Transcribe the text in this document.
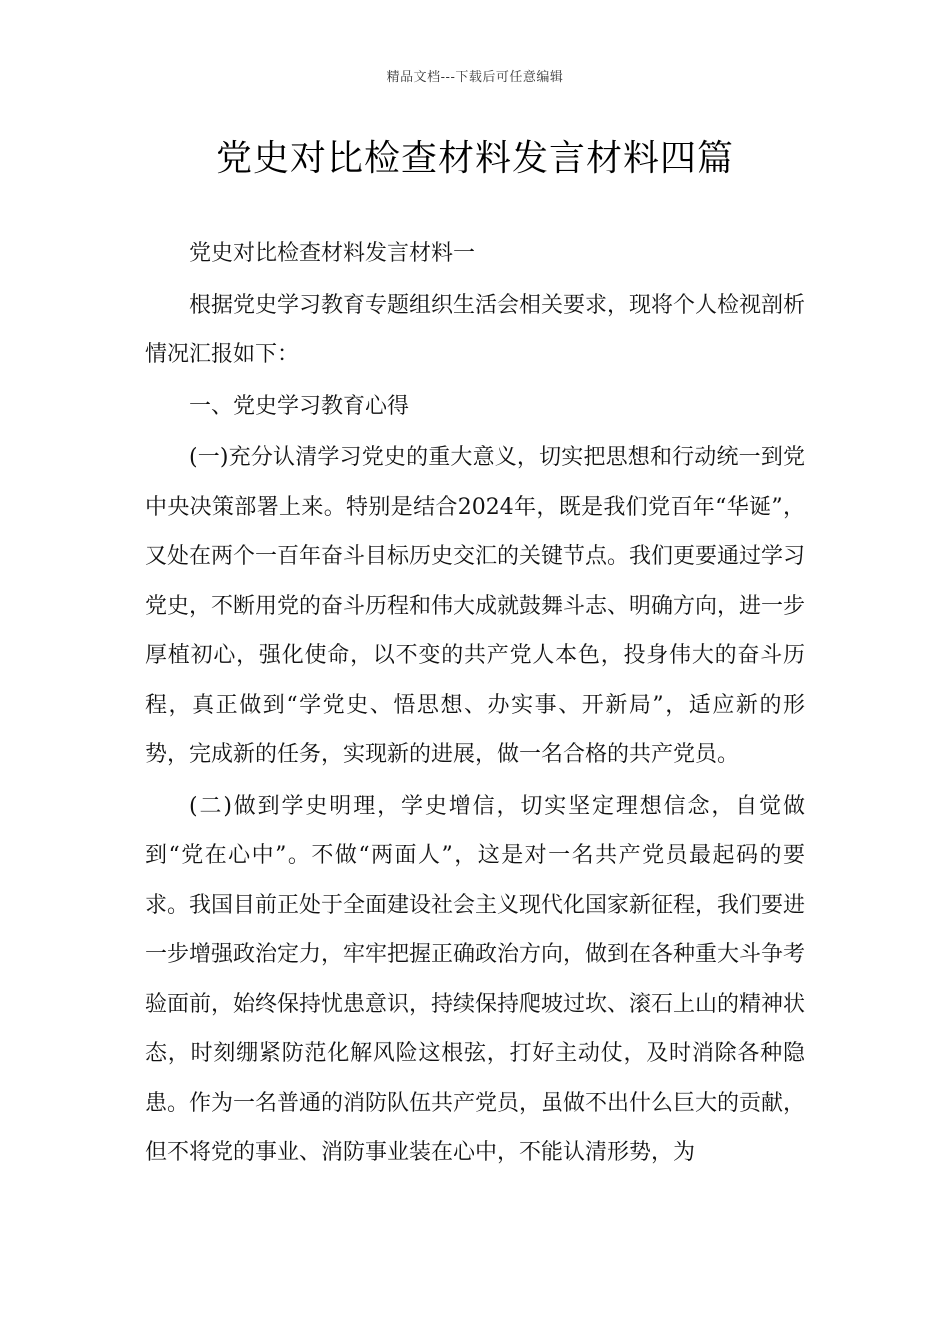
精品文档---下载后可任意编辑
党史对比检查材料发言材料四篇

党史对比检查材料发言材料一

根据党史学习教育专题组织生活会相关要求，现将个人检视剖析情况汇报如下：

一、党史学习教育心得

(一)充分认清学习党史的重大意义，切实把思想和行动统一到党中央决策部署上来。特别是结合2024年，既是我们党百年“华诞”，又处在两个一百年奋斗目标历史交汇的关键节点。我们更要通过学习党史，不断用党的奋斗历程和伟大成就鼓舞斗志、明确方向，进一步厚植初心，强化使命，以不变的共产党人本色，投身伟大的奋斗历程，真正做到“学党史、悟思想、办实事、开新局”，适应新的形势，完成新的任务，实现新的进展，做一名合格的共产党员。

(二)做到学史明理，学史增信，切实坚定理想信念，自觉做到“党在心中”。不做“两面人”，这是对一名共产党员最起码的要求。我国目前正处于全面建设社会主义现代化国家新征程，我们要进一步增强政治定力，牢牢把握正确政治方向，做到在各种重大斗争考验面前，始终保持忧患意识，持续保持爬坡过坎、滚石上山的精神状态，时刻绷紧防范化解风险这根弦，打好主动仗，及时消除各种隐患。作为一名普通的消防队伍共产党员，虽做不出什么巨大的贡献，但不将党的事业、消防事业装在心中，不能认清形势，为
